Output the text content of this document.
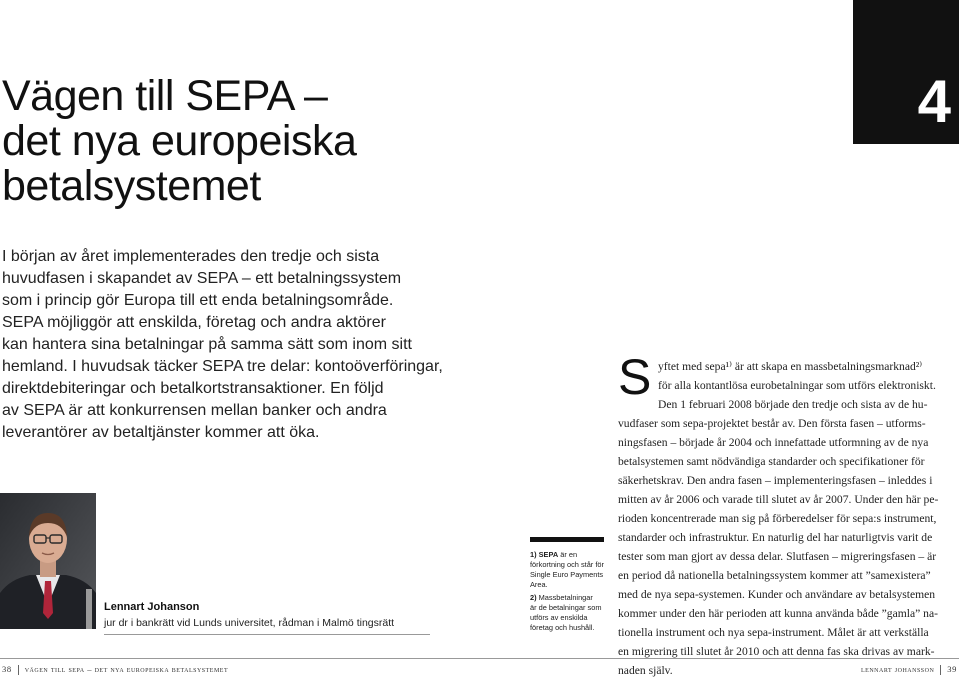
4
Vägen till SEPA –
det nya europeiska
betalsystemet
I början av året implementerades den tredje och sista
huvudfasen i skapandet av SEPA – ett betalningssystem
som i princip gör Europa till ett enda betalningsområde.
SEPA möjliggör att enskilda, företag och andra aktörer
kan hantera sina betalningar på samma sätt som inom sitt
hemland. I huvudsak täcker SEPA tre delar: kontoöverföringar,
direktdebiteringar och betalkortstransaktioner. En följd
av SEPA är att konkurrensen mellan banker och andra
leverantörer av betaltjänster kommer att öka.
Lennart Johanson
jur dr i bankrätt vid Lunds universitet, rådman i Malmö tingsrätt
1) SEPA är en
förkortning och står för
Single Euro Payments
Area.
2) Massbetalningar
är de betalningar som
utförs av enskilda
företag och hushåll.
S yftet med sepa¹⁾ är att skapa en massbetalningsmarknad²⁾
för alla kontantlösa eurobetalningar som utförs elektroniskt.
Den 1 februari 2008 började den tredje och sista av de hu-
vudfaser som sepa-projektet består av. Den första fasen – utforms-
ningsfasen – började år 2004 och innefattade utformning av de nya
betalsystemen samt nödvändiga standarder och specifikationer för
säkerhetskrav. Den andra fasen – implementeringsfasen – inleddes i
mitten av år 2006 och varade till slutet av år 2007. Under den här pe-
rioden koncentrerade man sig på förberedelser för sepa:s instrument,
standarder och infrastruktur. En naturlig del har naturligtvis varit de
tester som man gjort av dessa delar. Slutfasen – migreringsfasen – är
en period då nationella betalningssystem kommer att ”samexistera”
med de nya sepa-systemen. Kunder och användare av betalsystemen
kommer under den här perioden att kunna använda både ”gamla” na-
tionella instrument och nya sepa-instrument. Målet är att verkställa
en migrering till slutet år 2010 och att denna fas ska drivas av mark-
naden själv.
38 vägen till sepa – det nya europeiska betalsystemet	lennart johansson 39
